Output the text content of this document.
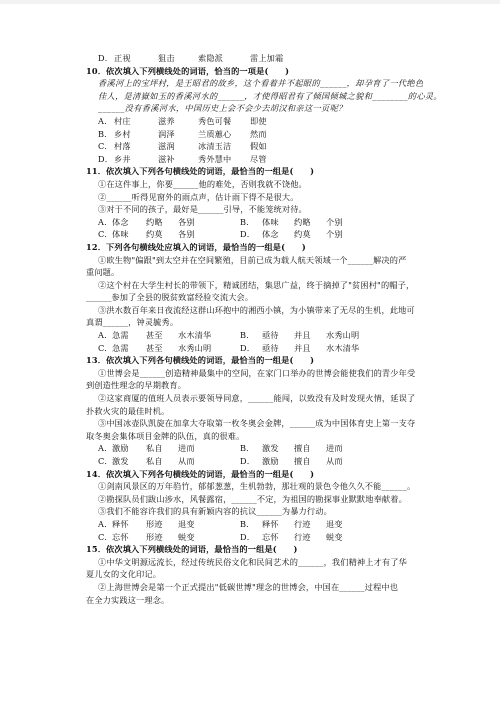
D．正视	狙击	索隐派	雷上加霜
10．依次填入下列横线处的词语，恰当的一项是(　　)
香溪河上的宝坪村，是王昭君的故乡，这个看着并不起眼的______，却孕育了一代绝色
佳人，是清嶽如玉的香溪河水的______，才使得昭君有了倾国倾城之貌和________的心灵。
______没有香溪河水，中国历史上会不会少去胡汉和亲这一页呢？
A． 村庄	滋养	秀色可餐 即使
B．乡村	润泽	兰质蕙心 然而
C．村落	滋润	冰清玉洁 假如
D．乡井	滋补	秀外慧中 尽管
11．依次填入下列各句横线处的词语，最恰当的一组是(　　)
①在这件事上，你要______他的难处，否则我就不饶他。
②______听得见窗外的雨点声，估计雨下得不是很大。
③对于不同的孩子，最好是______引导，不能笼统对待。
A．体念 约略 各别	B． 体味 约略 个别
C．体味 约莫 各别	D． 体念 约莫 个别
12．下列各句横线处应填入的词语，最恰当的一组是(　　)
①欧生物"偏跟"到太空并在空间繁殖，目前已成为载人航天领域一个______解决的严
重问题。
②这个村在大学生村长的带领下，精诚团结，集思广益，终于摘掉了"贫困村"的帽子，
______参加了全县的脱贫致富经验交流大会。
③洪水数百年来日夜流经这群山环抱中的湘西小镇，为小镇带来了无尽的生机，此地可
真谓______，钟灵毓秀。
A．急需 甚至 水木清华	B． 亟待 并且 水秀山明
C．急需 甚至 水秀山明	D． 亟待 并且 水木清华
13．依次填入下列各句横线处的词语，最恰当的一组是(　　)
①世博会是______创造精神最集中的空间，在家门口举办的世博会能使我们的青少年受
到创造性理念的早期教育。
②这家商厦的值班人员表示要领导同意，______能闯，以致没有及时发现火情，延误了
扑救火灾的最佳时机。
③中国冰壶队凯旋在加拿大夺取第一枚冬奥会金牌，______成为中国体育史上第一支夺
取冬奥会集体项目金牌的队伍，真的很难。
A．激励 私自 进而	B． 激发 擅自 进而
C．激发 私自 从而	D． 激励 擅自 从而
14．依次填入下列各句横线处的词语，最恰当的一组是(　　)
①剑南风景区的万年驺竹，郁郁葱葱，生机勃勃，那壮观的景色令他久久不能______。
②勘探队员们跋山涉水，风餐露宿，______不定，为祖国的勘探事业默默地奉献着。
③我们不能容许我们的具有新颖内容的抗议______为暴力行动。
A．释怀 形迹 退变	B． 释怀 行迹 退变
C．忘怀 形迹 蜕变	D． 忘怀 行迹 蜕变
15．依次填入下列横线处的词语，最恰当的一组是(　　)
①中华文明源远流长，经过传统民俗文化和民间艺术的______，我们精神上才有了华
夏儿女的文化印记。
②上海世博会是第一个正式提出"低碳世博"理念的世博会，中国在______过程中也
在全力实践这一理念。
